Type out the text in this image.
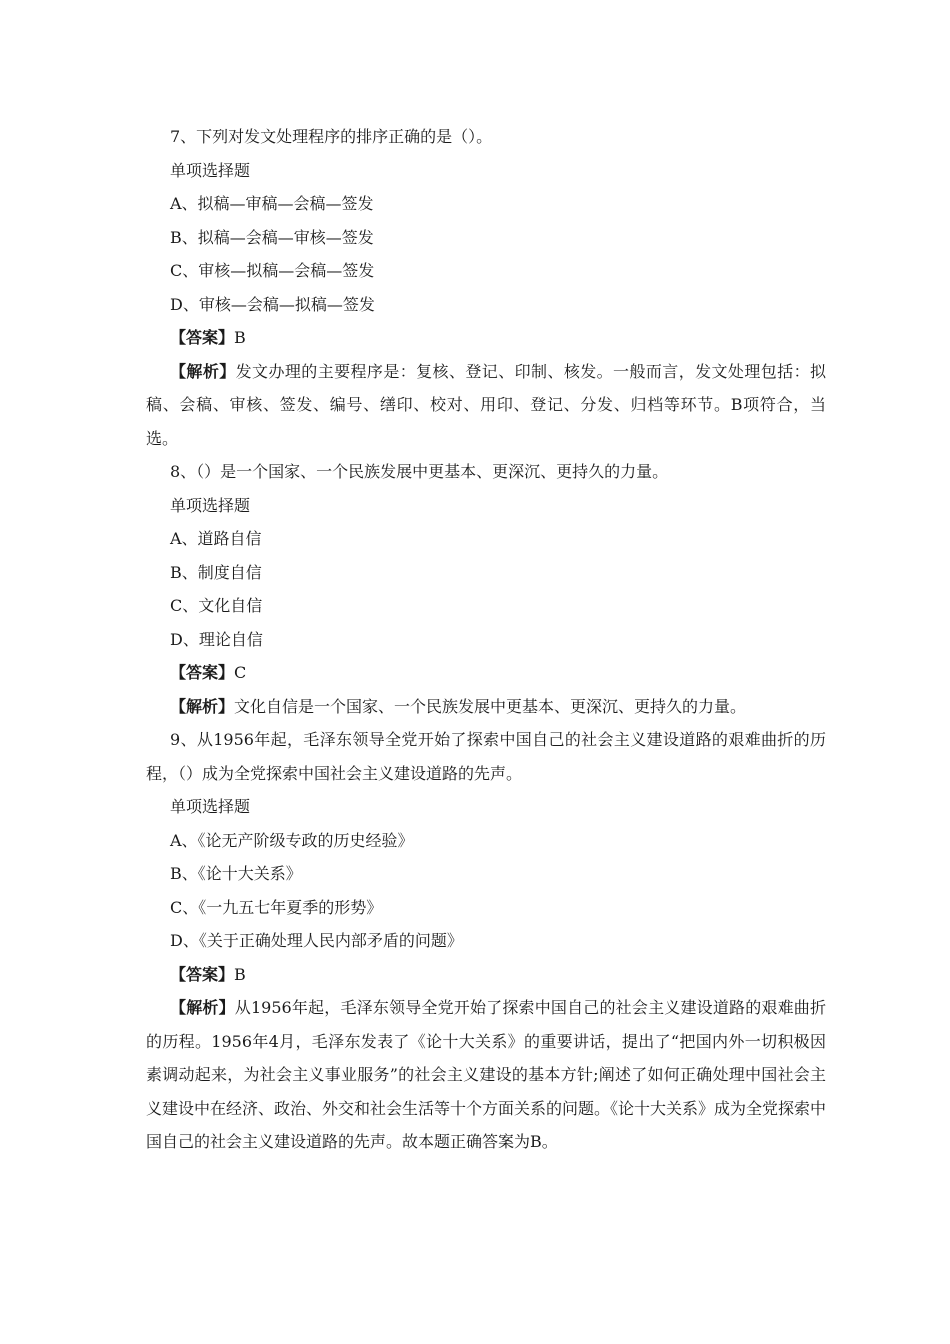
7、下列对发文处理程序的排序正确的是（）。
单项选择题
A、拟稿—审稿—会稿—签发
B、拟稿—会稿—审核—签发
C、审核—拟稿—会稿—签发
D、审核—会稿—拟稿—签发
【答案】B
【解析】发文办理的主要程序是：复核、登记、印制、核发。一般而言，发文处理包括：拟稿、会稿、审核、签发、编号、缮印、校对、用印、登记、分发、归档等环节。B项符合，当选。
8、（）是一个国家、一个民族发展中更基本、更深沉、更持久的力量。
单项选择题
A、道路自信
B、制度自信
C、文化自信
D、理论自信
【答案】C
【解析】文化自信是一个国家、一个民族发展中更基本、更深沉、更持久的力量。
9、从1956年起，毛泽东领导全党开始了探索中国自己的社会主义建设道路的艰难曲折的历程，（）成为全党探索中国社会主义建设道路的先声。
单项选择题
A、《论无产阶级专政的历史经验》
B、《论十大关系》
C、《一九五七年夏季的形势》
D、《关于正确处理人民内部矛盾的问题》
【答案】B
【解析】从1956年起，毛泽东领导全党开始了探索中国自己的社会主义建设道路的艰难曲折的历程。1956年4月，毛泽东发表了《论十大关系》的重要讲话，提出了“把国内外一切积极因素调动起来，为社会主义事业服务”的社会主义建设的基本方针;阐述了如何正确处理中国社会主义建设中在经济、政治、外交和社会生活等十个方面关系的问题。《论十大关系》成为全党探索中国自己的社会主义建设道路的先声。故本题正确答案为B。
